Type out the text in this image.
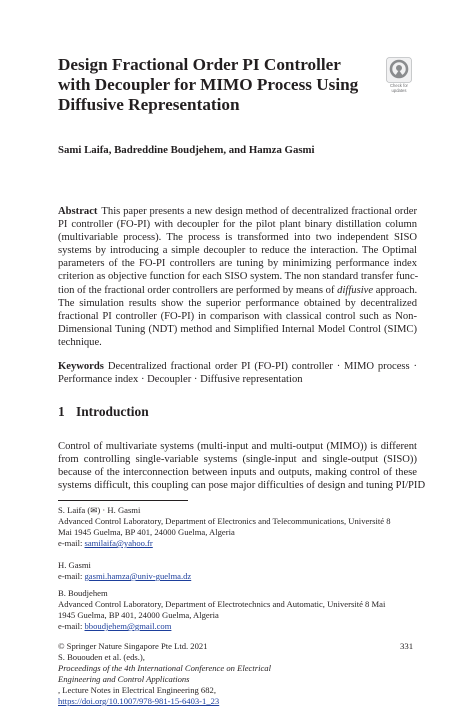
Design Fractional Order PI Controller
with Decoupler for MIMO Process Using
Diffusive Representation
Check for
updates
Sami Laifa, Badreddine Boudjehem, and Hamza Gasmi
Abstract This paper presents a new design method of decentralized fractional order
PI controller (FO-PI) with decoupler for the pilot plant binary distillation column
(multivariable process). The process is transformed into two independent SISO
systems by introducing a simple decoupler to reduce the interaction. The Optimal
parameters of the FO-PI controllers are tuning by minimizing performance index
criterion as objective function for each SISO system. The non standard transfer func-
tion of the fractional order controllers are performed by means of diffusive approach.
The simulation results show the superior performance obtained by decentralized
fractional PI controller (FO-PI) in comparison with classical control such as Non-
Dimensional Tuning (NDT) method and Simplified Internal Model Control (SIMC)
technique.
Keywords Decentralized fractional order PI (FO-PI) controller · MIMO process ·
Performance index · Decoupler · Diffusive representation
1 Introduction
Control of multivariate systems (multi-input and multi-output (MIMO)) is different
from controlling single-variable systems (single-input and single-output (SISO))
because of the interconnection between inputs and outputs, making control of these
systems difficult, this coupling can pose major difficulties of design and tuning PI/PID
S. Laifa (✉) · H. Gasmi
Advanced Control Laboratory, Department of Electronics and Telecommunications, Université 8
Mai 1945 Guelma, BP 401, 24000 Guelma, Algeria
e-mail: samilaifa@yahoo.fr
H. Gasmi
e-mail: gasmi.hamza@univ-guelma.dz
B. Boudjehem
Advanced Control Laboratory, Department of Electrotechnics and Automatic, Université 8 Mai
1945 Guelma, BP 401, 24000 Guelma, Algeria
e-mail: bboudjehem@gmail.com
© Springer Nature Singapore Pte Ltd. 2021
S. Bououden et al. (eds.),
Proceedings of the 4th International Conference on Electrical
Engineering and Control Applications
, Lecture Notes in Electrical Engineering 682,
https://doi.org/10.1007/978-981-15-6403-1_23
331
